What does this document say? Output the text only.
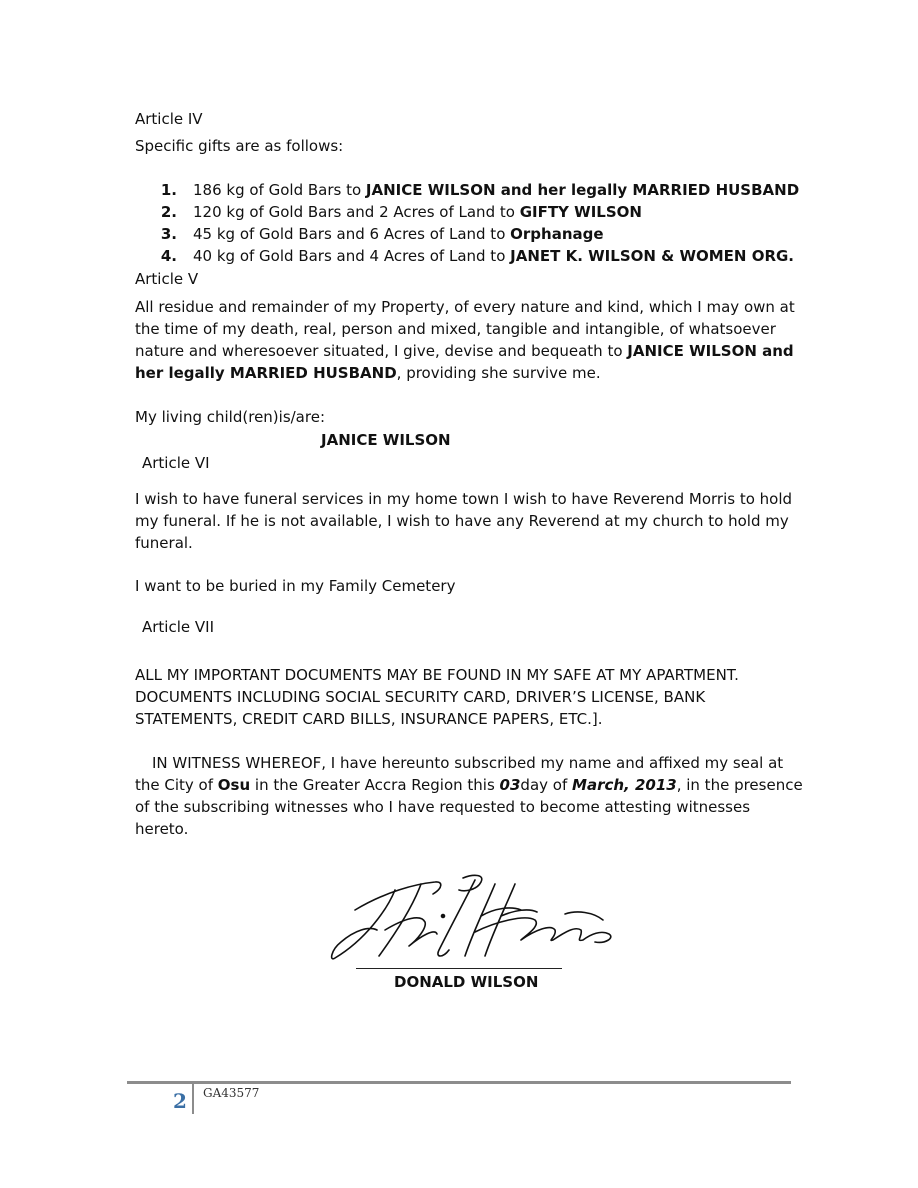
Article IV
Specific gifts are as follows:
1. 186 kg of Gold Bars to JANICE WILSON and her legally MARRIED HUSBAND
2. 120 kg of Gold Bars and 2 Acres of Land to GIFTY WILSON
3. 45 kg of Gold Bars and 6 Acres of Land to Orphanage
4. 40 kg of Gold Bars and 4 Acres of Land to JANET K. WILSON & WOMEN ORG.
Article V
All residue and remainder of my Property, of every nature and kind, which I may own at
the time of my death, real, person and mixed, tangible and intangible, of whatsoever
nature and wheresoever situated, I give, devise and bequeath to JANICE WILSON and
her legally MARRIED HUSBAND, providing she survive me.
My living child(ren)is/are:
JANICE WILSON
Article VI
I wish to have funeral services in my home town I wish to have Reverend Morris to hold
my funeral. If he is not available, I wish to have any Reverend at my church to hold my
funeral.
I want to be buried in my Family Cemetery
Article VII
ALL MY IMPORTANT DOCUMENTS MAY BE FOUND IN MY SAFE AT MY APARTMENT.
DOCUMENTS INCLUDING SOCIAL SECURITY CARD, DRIVER’S LICENSE, BANK
STATEMENTS, CREDIT CARD BILLS, INSURANCE PAPERS, ETC.].
IN WITNESS WHEREOF, I have hereunto subscribed my name and affixed my seal at
the City of Osu in the Greater Accra Region this 03day of March, 2013, in the presence
of the subscribing witnesses who I have requested to become attesting witnesses
hereto.
DONALD WILSON
2 GA43577
